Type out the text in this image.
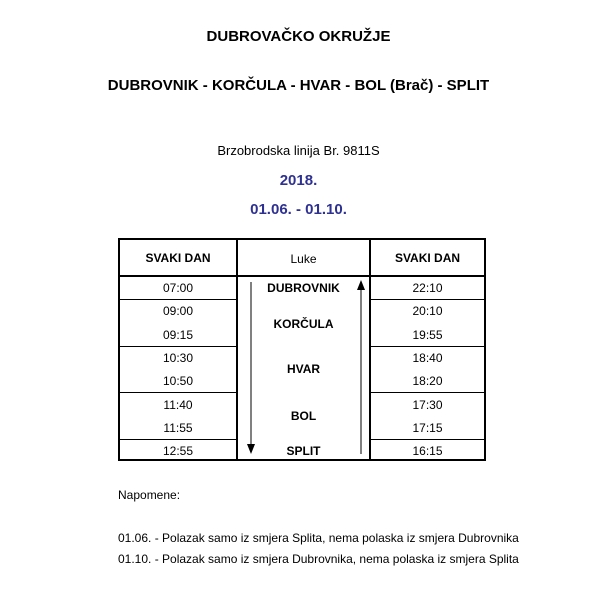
DUBROVAČKO OKRUŽJE
DUBROVNIK - KORČULA - HVAR - BOL (Brač) - SPLIT
Brzobrodska linija Br. 9811S
2018.
01.06. - 01.10.
SVAKI DAN	Luke	SVAKI DAN
07:00
09:00
09:15
10:30
10:50
11:40
11:55
12:55
22:10
20:10
19:55
18:40
18:20
17:30
17:15
16:15
DUBROVNIK
KORČULA
HVAR
BOL
SPLIT
Napomene:
01.06. - Polazak samo iz smjera Splita, nema polaska iz smjera Dubrovnika
01.10. - Polazak samo iz smjera Dubrovnika, nema polaska iz smjera Splita
